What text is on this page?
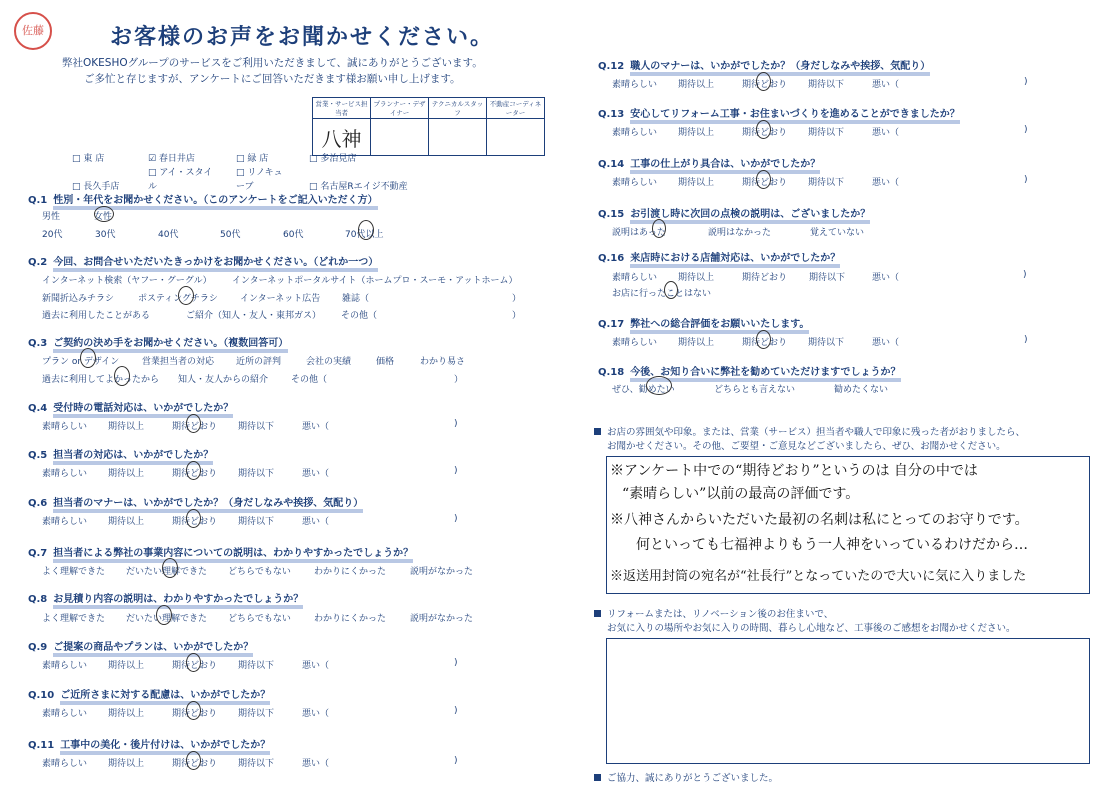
佐藤	お客様のお声をお聞かせください。
弊社OKESHOグループのサービスをご利用いただきまして、誠にありがとうございます。
ご多忙と存じますが、アンケートにご回答いただきます様お願い申し上げます。
営業・サービス担当者	プランナー・デザイナー	テクニカルスタッフ	不動産コーディネーター
八神			
□ 東 店	☑ 春日井店	□ 緑 店	□ 多治見店
□ 長久手店□ アイ・スタイル□ リノキューブ	□ 名古屋Rエイジ不動産
Q.1 性別・年代をお聞かせください。（このアンケートをご記入いただく方）
男性	女性
20代	30代	40代	50代	60代	70代以上
Q.2 今回、お問合せいただいたきっかけをお聞かせください。（どれか一つ）
インターネット検索（ヤフー・グーグル） インターネットポータルサイト（ホームプロ・スーモ・アットホーム）
新聞折込みチラシ	ポスティングチラシ インターネット広告 雑誌（	）
過去に利用したことがある	ご紹介（知人・友人・東邦ガス） その他（	）
Q.3 ご契約の決め手をお聞かせください。（複数回答可）
プラン or デザイン	営業担当者の対応 近所の評判	会社の実績	価格	わかり易さ
過去に利用してよかったから 知人・友人からの紹介	その他（	）
Q.4 受付時の電話対応は、いかがでしたか？
素晴らしい 期待以上	期待どおり 期待以下	悪い（	)
Q.5 担当者の対応は、いかがでしたか？
素晴らしい 期待以上	期待どおり 期待以下	悪い（	)
Q.6 担当者のマナーは、いかがでしたか？（身だしなみや挨拶、気配り）
素晴らしい 期待以上	期待どおり 期待以下	悪い（	)
Q.9 ご提案の商品やプランは、いかがでしたか？
素晴らしい 期待以上	期待どおり 期待以下	悪い（	)
Q.10 ご近所さまに対する配慮は、いかがでしたか？
素晴らしい 期待以上	期待どおり 期待以下	悪い（	)
Q.11 工事中の美化・後片付けは、いかがでしたか？
素晴らしい 期待以上	期待どおり 期待以下	悪い（	)
Q.7 担当者による弊社の事業内容についての説明は、わかりやすかったでしょうか？
よく理解できた だいたい理解できた どちらでもない	わかりにくかった	説明がなかった
Q.8 お見積り内容の説明は、わかりやすかったでしょうか？
よく理解できた だいたい理解できた どちらでもない	わかりにくかった	説明がなかった
Q.12 職人のマナーは、いかがでしたか？（身だしなみや挨拶、気配り）
素晴らしい 期待以上	期待どおり 期待以下	悪い（	)
Q.13 安心してリフォーム工事・お住まいづくりを進めることができましたか？
素晴らしい 期待以上	期待どおり 期待以下	悪い（	)
Q.14 工事の仕上がり具合は、いかがでしたか？
素晴らしい 期待以上	期待どおり 期待以下	悪い（	)
Q.17 弊社への総合評価をお願いいたします。
素晴らしい 期待以上	期待どおり 期待以下	悪い（	)
Q.15 お引渡し時に次回の点検の説明は、ございましたか？
説明はあった	説明はなかった	覚えていない
Q.16 来店時における店舗対応は、いかがでしたか？
素晴らしい 期待以上	期待どおり 期待以下	悪い（	)
お店に行ったことはない
Q.18 今後、お知り合いに弊社を勧めていただけますでしょうか？
ぜひ、勧めたい	どちらとも言えない	勧めたくない
お店の雰囲気や印象。または、営業（サービス）担当者や職人で印象に残った者がおりましたら、
お聞かせください。その他、ご要望・ご意見などございましたら、ぜひ、お聞かせください。
※アンケート中での“期待どおり”というのは 自分の中では
“素晴らしい”以前の最高の評価です。
※八神さんからいただいた最初の名刺は私にとってのお守りです。
何といっても七福神よりもう一人神をいっているわけだから…
※返送用封筒の宛名が“社長行”となっていたので大いに気に入りました
リフォームまたは、リノベーション後のお住まいで、
お気に入りの場所やお気に入りの時間、暮らし心地など、工事後のご感想をお聞かせください。
ご協力、誠にありがとうございました。
